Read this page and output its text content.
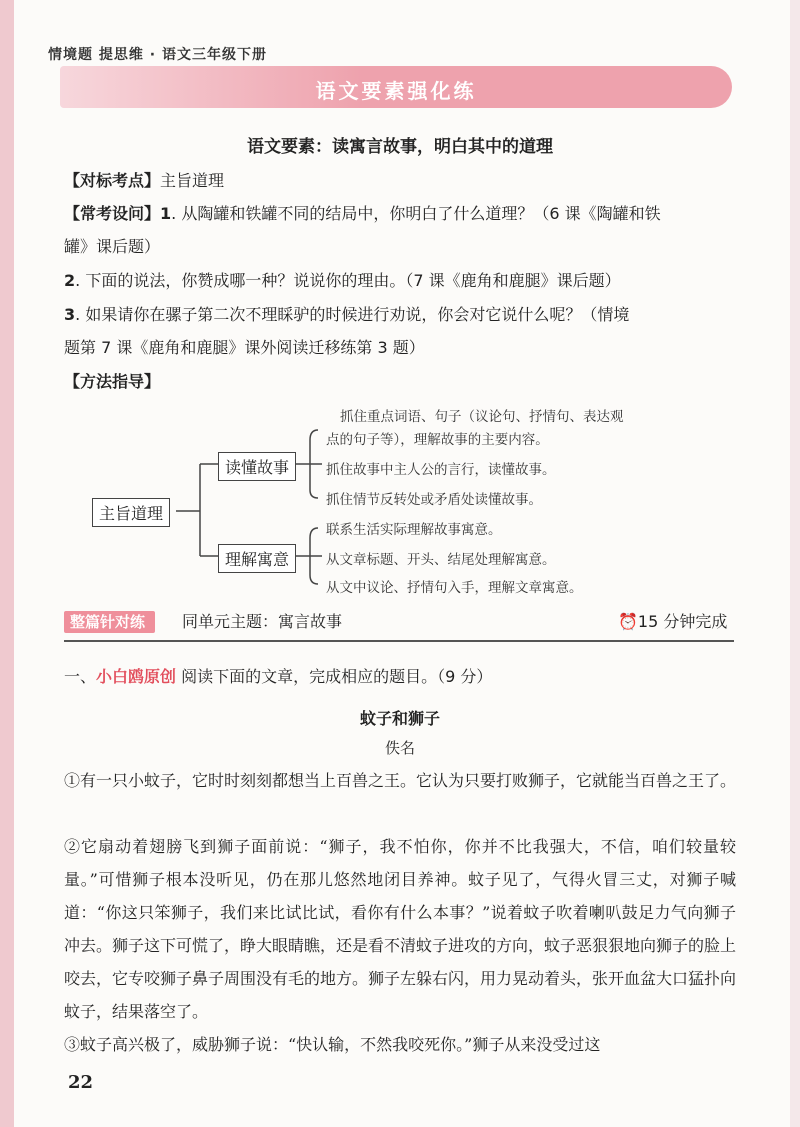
情境题 提思维 · 语文三年级下册
语文要素强化练
语文要素：读寓言故事，明白其中的道理
【对标考点】主旨道理
【常考设问】1. 从陶罐和铁罐不同的结局中，你明白了什么道理？（6 课《陶罐和铁
罐》课后题）
2. 下面的说法，你赞成哪一种？说说你的理由。（7 课《鹿角和鹿腿》课后题）
3. 如果请你在骡子第二次不理睬驴的时候进行劝说，你会对它说什么呢？（情境
题第 7 课《鹿角和鹿腿》课外阅读迁移练第 3 题）
【方法指导】
主旨道理
读懂故事
理解寓意
抓住重点词语、句子（议论句、抒情句、表达观
点的句子等），理解故事的主要内容。
抓住故事中主人公的言行，读懂故事。
抓住情节反转处或矛盾处读懂故事。
联系生活实际理解故事寓意。
从文章标题、开头、结尾处理解寓意。
从文中议论、抒情句入手，理解文章寓意。
整篇针对练	同单元主题：寓言故事	⏰15 分钟完成
一、小白鸥原创 阅读下面的文章，完成相应的题目。（9 分）
蚊子和狮子
佚名
①有一只小蚊子，它时时刻刻都想当上百兽之王。它认为只要打败狮子，它就能当百兽之王了。
②它扇动着翅膀飞到狮子面前说：“狮子，我不怕你，你并不比我强大，不信，咱们较量较量。”可惜狮子根本没听见，仍在那儿悠然地闭目养神。蚊子见了，气得火冒三丈，对狮子喊道：“你这只笨狮子，我们来比试比试，看你有什么本事？”说着蚊子吹着喇叭鼓足力气向狮子冲去。狮子这下可慌了，睁大眼睛瞧，还是看不清蚊子进攻的方向，蚊子恶狠狠地向狮子的脸上咬去，它专咬狮子鼻子周围没有毛的地方。狮子左躲右闪，用力晃动着头，张开血盆大口猛扑向蚊子，结果落空了。
③蚊子高兴极了，威胁狮子说：“快认输，不然我咬死你。”狮子从来没受过这
22
